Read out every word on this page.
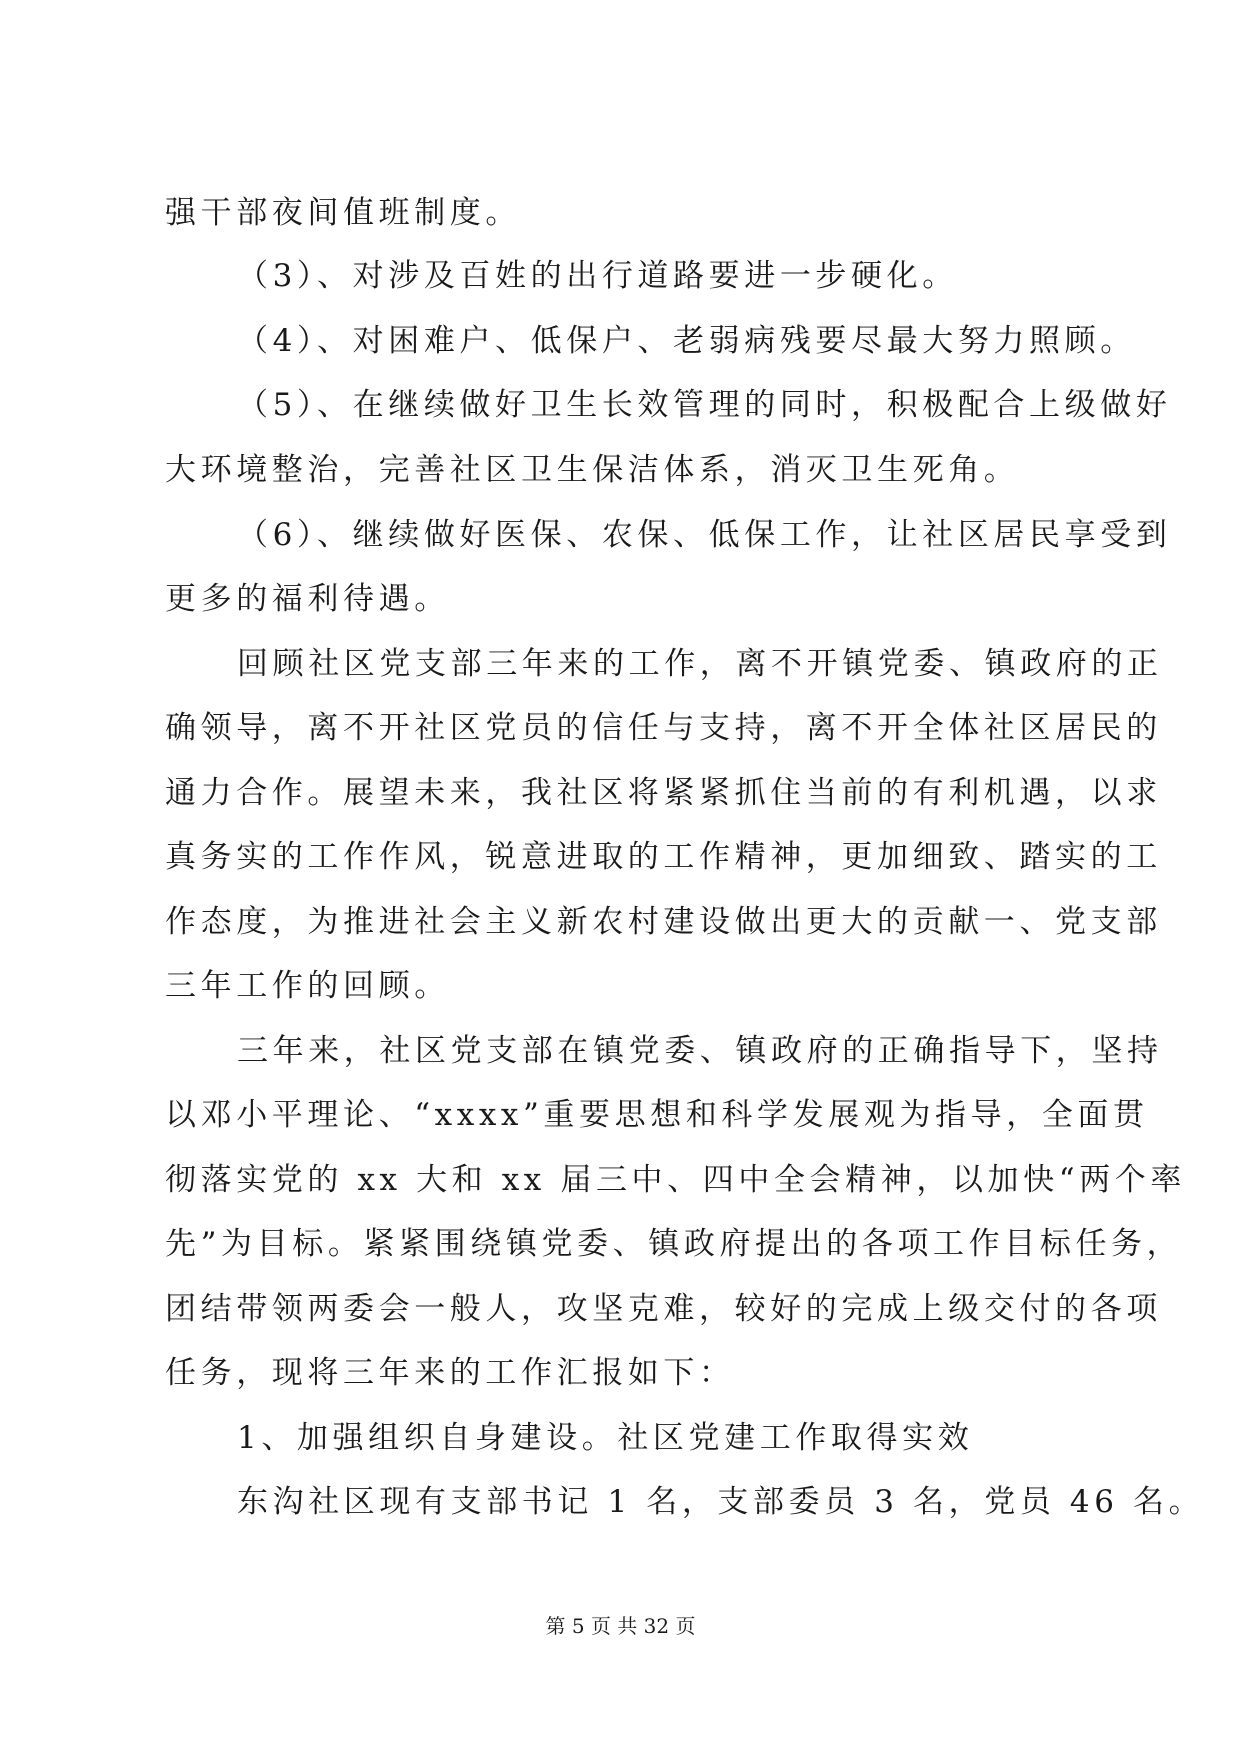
强干部夜间值班制度。
（3）、对涉及百姓的出行道路要进一步硬化。
（4）、对困难户、低保户、老弱病残要尽最大努力照顾。
（5）、在继续做好卫生长效管理的同时，积极配合上级做好
大环境整治，完善社区卫生保洁体系，消灭卫生死角。
（6）、继续做好医保、农保、低保工作，让社区居民享受到
更多的福利待遇。
回顾社区党支部三年来的工作，离不开镇党委、镇政府的正
确领导，离不开社区党员的信任与支持，离不开全体社区居民的
通力合作。展望未来，我社区将紧紧抓住当前的有利机遇，以求
真务实的工作作风，锐意进取的工作精神，更加细致、踏实的工
作态度，为推进社会主义新农村建设做出更大的贡献一、党支部
三年工作的回顾。
三年来，社区党支部在镇党委、镇政府的正确指导下，坚持
以邓小平理论、“xxxx”重要思想和科学发展观为指导，全面贯
彻落实党的 xx 大和 xx 届三中、四中全会精神，以加快“两个率
先”为目标。紧紧围绕镇党委、镇政府提出的各项工作目标任务，
团结带领两委会一般人，攻坚克难，较好的完成上级交付的各项
任务，现将三年来的工作汇报如下：
1、加强组织自身建设。社区党建工作取得实效
东沟社区现有支部书记 1 名，支部委员 3 名，党员 46 名。
第 5 页 共 32 页
